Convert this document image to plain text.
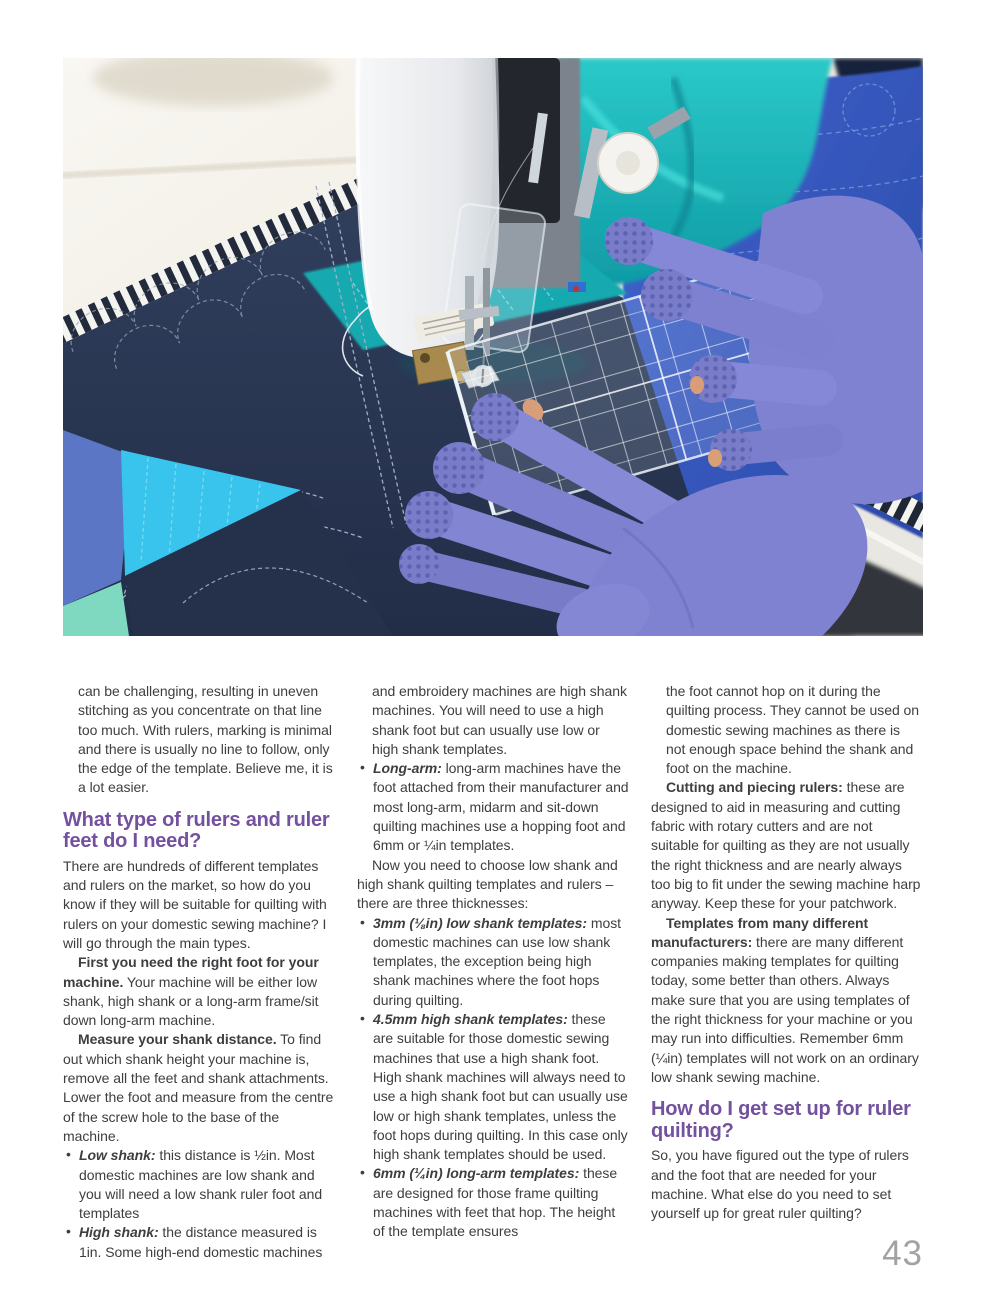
can be challenging, resulting in uneven stitching as you concentrate on that line too much. With rulers, marking is minimal and there is usually no line to follow, only the edge of the template. Believe me, it is a lot easier.

What type of rulers and ruler feet do I need?

There are hundreds of different templates and rulers on the market, so how do you know if they will be suitable for quilting with rulers on your domestic sewing machine? I will go through the main types.

First you need the right foot for your machine. Your machine will be either low shank, high shank or a long-arm frame/sit down long-arm machine.

Measure your shank distance. To find out which shank height your machine is, remove all the feet and shank attachments. Lower the foot and measure from the centre of the screw hole to the base of the machine.

• Low shank: this distance is ½in. Most domestic machines are low shank and you will need a low shank ruler foot and templates
• High shank: the distance measured is 1in. Some high-end domestic machines

and embroidery machines are high shank machines. You will need to use a high shank foot but can usually use low or high shank templates.

• Long-arm: long-arm machines have the foot attached from their manufacturer and most long-arm, midarm and sit-down quilting machines use a hopping foot and 6mm or ¼in templates.

Now you need to choose low shank and high shank quilting templates and rulers – there are three thicknesses:

• 3mm (⅛in) low shank templates: most domestic machines can use low shank templates, the exception being high shank machines where the foot hops during quilting.
• 4.5mm high shank templates: these are suitable for those domestic sewing machines that use a high shank foot. High shank machines will always need to use a high shank foot but can usually use low or high shank templates, unless the foot hops during quilting. In this case only high shank templates should be used.
• 6mm (¼in) long-arm templates: these are designed for those frame quilting machines with feet that hop. The height of the template ensures

the foot cannot hop on it during the quilting process. They cannot be used on domestic sewing machines as there is not enough space behind the shank and foot on the machine.

Cutting and piecing rulers: these are designed to aid in measuring and cutting fabric with rotary cutters and are not suitable for quilting as they are not usually the right thickness and are nearly always too big to fit under the sewing machine harp anyway. Keep these for your patchwork.

Templates from many different manufacturers: there are many different companies making templates for quilting today, some better than others. Always make sure that you are using templates of the right thickness for your machine or you may run into difficulties. Remember 6mm (¼in) templates will not work on an ordinary low shank sewing machine.

How do I get set up for ruler quilting?

So, you have figured out the type of rulers and the foot that are needed for your machine. What else do you need to set yourself up for great ruler quilting?

43
